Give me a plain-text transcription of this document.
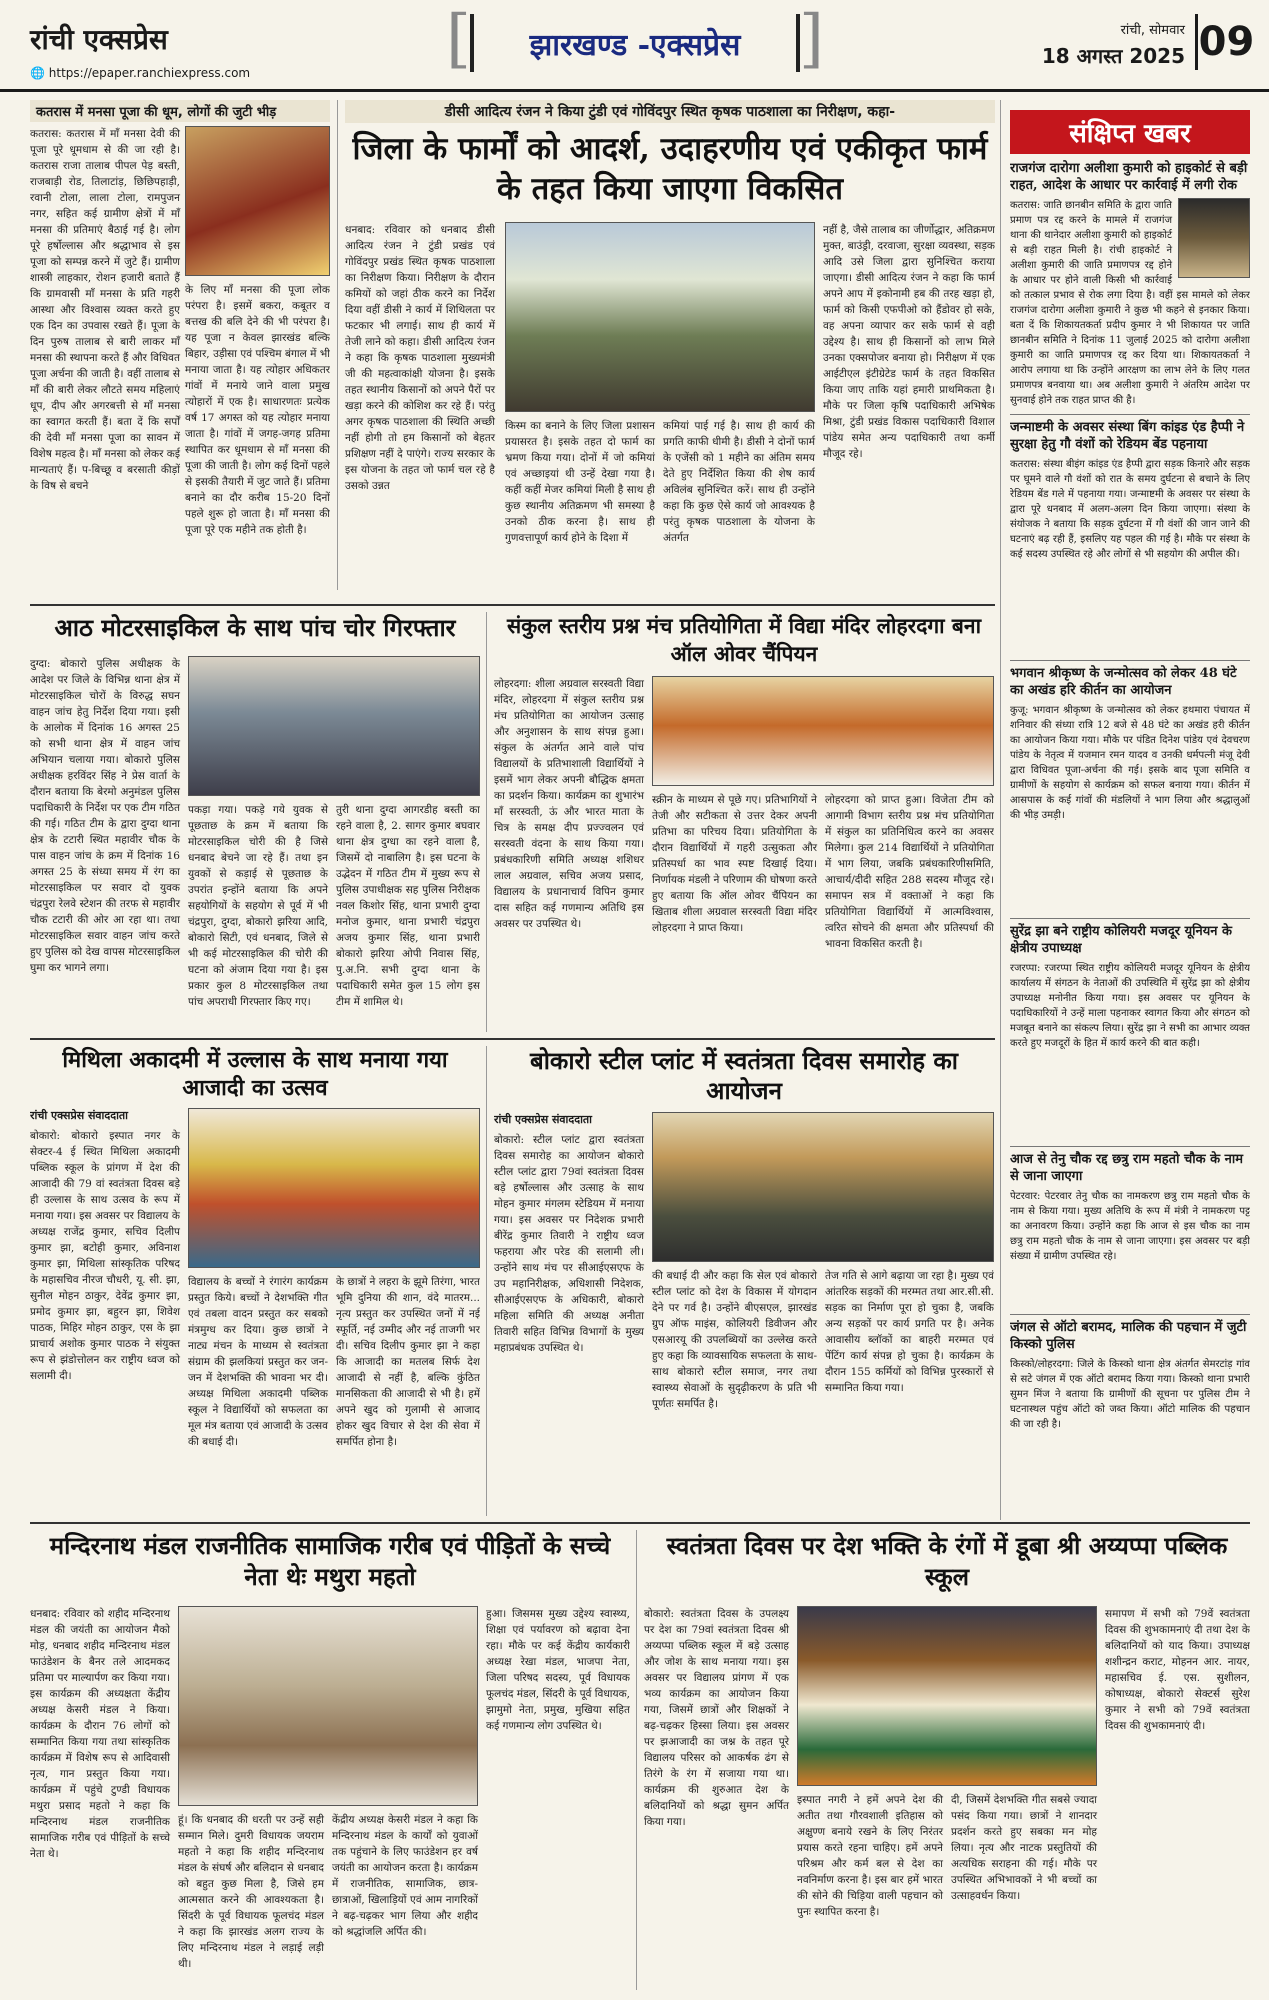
रांची एक्सप्रेस
🌐 https://epaper.ranchiexpress.com
[ झारखण्ड -एक्सप्रेस ]	रांची, सोमवार
18 अगस्त 2025 09
कतरास में मनसा पूजा की धूम, लोगों की जुटी भीड़
कतरास: कतरास में माँ मनसा देवी की पूजा पूरे धूमधाम से की जा रही है। कतरास राजा तालाब पीपल पेड़ बस्ती, राजबाड़ी रोड, तिलाटांड़, छिछिपहाड़ी, रवानी टोला, लाला टोला, रामपुजन नगर, सहित कई ग्रामीण क्षेत्रों में माँ मनसा की प्रतिमाएं बैठाई गई है। लोग पूरे हर्षोल्लास और श्रद्धाभाव से इस पूजा को सम्पन्न करने में जुटे हैं। ग्रामीण शास्त्री लाहकार, रोशन हजारी बताते हैं कि ग्रामवासी माँ मनसा के प्रति गहरी आस्था और विश्वास व्यक्त करते हुए एक दिन का उपवास रखते हैं। पूजा के दिन पुरुष तालाब से बारी लाकर माँ मनसा की स्थापना करते हैं और विधिवत पूजा अर्चना की जाती है। वहीं तालाब से माँ की बारी लेकर लौटते समय महिलाएं धूप, दीप और अगरबत्ती से माँ मनसा का स्वागत करती हैं। बता दें कि सर्पों की देवी माँ मनसा पूजा का सावन में विशेष महत्व है। माँ मनसा को लेकर कई मान्यताएं हैं। प-बिच्छू व बरसाती कीड़ों के विष से बचने
के लिए माँ मनसा की पूजा लोक परंपरा है। इसमें बकरा, कबूतर व बत्तख की बलि देने की भी परंपरा है। यह पूजा न केवल झारखंड बल्कि बिहार, उड़ीसा एवं पश्चिम बंगाल में भी मनाया जाता है। यह त्योहार अधिकतर गांवों में मनाये जाने वाला प्रमुख त्योहारों में एक है। साधारणतः प्रत्येक वर्ष 17 अगस्त को यह त्योहार मनाया जाता है। गांवों में जगह-जगह प्रतिमा स्थापित कर धूमधाम से माँ मनसा की पूजा की जाती है। लोग कई दिनों पहले से इसकी तैयारी में जुट जाते हैं। प्रतिमा बनाने का दौर करीब 15-20 दिनों पहले शुरू हो जाता है। माँ मनसा की पूजा पूरे एक महीने तक होती है।
डीसी आदित्य रंजन ने किया टुंडी एवं गोविंदपुर स्थित कृषक पाठशाला का निरीक्षण, कहा-
जिला के फार्मों को आदर्श, उदाहरणीय एवं एकीकृत फार्म के तहत किया जाएगा विकसित
धनबाद: रविवार को धनबाद डीसी आदित्य रंजन ने टुंडी प्रखंड एवं गोविंदपुर प्रखंड स्थित कृषक पाठशाला का निरीक्षण किया। निरीक्षण के दौरान कमियों को जहां ठीक करने का निर्देश दिया वहीं डीसी ने कार्य में शिथिलता पर फटकार भी लगाई। साथ ही कार्य में तेजी लाने को कहा। डीसी आदित्य रंजन ने कहा कि कृषक पाठशाला मुख्यमंत्री जी की महत्वाकांक्षी योजना है। इसके तहत स्थानीय किसानों को अपने पैरों पर खड़ा करने की कोशिश कर रहे हैं। परंतु अगर कृषक पाठशाला की स्थिति अच्छी नहीं होगी तो हम किसानों को बेहतर प्रशिक्षण नहीं दे पाएंगे। राज्य सरकार के इस योजना के तहत जो फार्म चल रहे है उसको उन्नत
किस्म का बनाने के लिए जिला प्रशासन प्रयासरत है। इसके तहत दो फार्म का भ्रमण किया गया। दोनों में जो कमियां एवं अच्छाइयां थी उन्हें देखा गया है। कहीं कहीं मेजर कमियां मिली है साथ ही कुछ स्थानीय अतिक्रमण भी समस्या है उनको ठीक करना है। साथ ही गुणवत्तापूर्ण कार्य होने के दिशा में
कमियां पाई गई है। साथ ही कार्य की प्रगति काफी धीमी है। डीसी ने दोनों फार्म के एजेंसी को 1 महीने का अंतिम समय देते हुए निर्देशित किया की शेष कार्य अविलंब सुनिश्चित करें। साथ ही उन्होंने कहा कि कुछ ऐसे कार्य जो आवश्यक है परंतु कृषक पाठशाला के योजना के अंतर्गत
नहीं है, जैसे तालाब का जीर्णोद्धार, अतिक्रमण मुक्त, बाउंड्री, दरवाजा, सुरक्षा व्यवस्था, सड़क आदि उसे जिला द्वारा सुनिश्चित कराया जाएगा। डीसी आदित्य रंजन ने कहा कि फार्म अपने आप में इकोनामी हब की तरह खड़ा हो, फार्म को किसी एफपीओ को हैंडोवर हो सके, वह अपना व्यापार कर सके फार्म से वही उद्देश्य है। साथ ही किसानों को लाभ मिले उनका एक्सपोजर बनाया हो। निरीक्षण में एक आईटीएल इंटीग्रेटेड फार्म के तहत विकसित किया जाए ताकि यहां हमारी प्राथमिकता है। मौके पर जिला कृषि पदाधिकारी अभिषेक मिश्रा, टुंडी प्रखंड विकास पदाधिकारी विशाल पांडेय समेत अन्य पदाधिकारी तथा कर्मी मौजूद रहे।
संक्षिप्त खबर
राजगंज दारोगा अलीशा कुमारी को हाइकोर्ट से बड़ी राहत, आदेश के आधार पर कार्रवाई में लगी रोक
कतरास: जाति छानबीन समिति के द्वारा जाति प्रमाण पत्र रद्द करने के मामले में राजगंज थाना की थानेदार अलीशा कुमारी को हाइकोर्ट से बड़ी राहत मिली है। रांची हाइकोर्ट ने अलीशा कुमारी की जाति प्रमाणपत्र रद्द होने के आधार पर होने वाली किसी भी कार्रवाई को तत्काल प्रभाव से रोक लगा दिया है। वहीं इस मामले को लेकर राजगंज दारोगा अलीशा कुमारी ने कुछ भी कहने से इनकार किया। बता दें कि शिकायतकर्ता प्रदीप कुमार ने भी शिकायत पर जाति छानबीन समिति ने दिनांक 11 जुलाई 2025 को दारोगा अलीशा कुमारी का जाति प्रमाणपत्र रद्द कर दिया था। शिकायतकर्ता ने आरोप लगाया था कि उन्होंने आरक्षण का लाभ लेने के लिए गलत प्रमाणपत्र बनवाया था। अब अलीशा कुमारी ने अंतरिम आदेश पर सुनवाई होने तक राहत प्राप्त की है।
जन्माष्टमी के अवसर संस्था बिंग कांइड एंड हैप्पी ने सुरक्षा हेतु गौ वंशों को रेडियम बेंड पहनाया
कतरास: संस्था बीइंग कांइड एंड हैप्पी द्वारा सड़क किनारे और सड़क पर घूमने वाले गौ वंशों को रात के समय दुर्घटना से बचाने के लिए रेडियम बेंड गले में पहनाया गया। जन्माष्टमी के अवसर पर संस्था के द्वारा पूरे धनबाद में अलग-अलग दिन किया जाएगा। संस्था के संयोजक ने बताया कि सड़क दुर्घटना में गौ वंशों की जान जाने की घटनाएं बढ़ रही हैं, इसलिए यह पहल की गई है। मौके पर संस्था के कई सदस्य उपस्थित रहे और लोगों से भी सहयोग की अपील की।
भगवान श्रीकृष्ण के जन्मोत्सव को लेकर 48 घंटे का अखंड हरि कीर्तन का आयोजन
कुजू: भगवान श्रीकृष्ण के जन्मोत्सव को लेकर हथमारा पंचायत में शनिवार की संध्या रात्रि 12 बजे से 48 घंटे का अखंड हरी कीर्तन का आयोजन किया गया। मौके पर पंडित दिनेश पांडेय एवं देवचरण पांडेय के नेतृत्व में यजमान रमन यादव व उनकी धर्मपत्नी मंजू देवी द्वारा विधिवत पूजा-अर्चना की गई। इसके बाद पूजा समिति व ग्रामीणों के सहयोग से कार्यक्रम को सफल बनाया गया। कीर्तन में आसपास के कई गांवों की मंडलियों ने भाग लिया और श्रद्धालुओं की भीड़ उमड़ी।
सुरेंद्र झा बने राष्ट्रीय कोलियरी मजदूर यूनियन के क्षेत्रीय उपाध्यक्ष
रजरप्पा: रजरप्पा स्थित राष्ट्रीय कोलियरी मजदूर यूनियन के क्षेत्रीय कार्यालय में संगठन के नेताओं की उपस्थिति में सुरेंद्र झा को क्षेत्रीय उपाध्यक्ष मनोनीत किया गया। इस अवसर पर यूनियन के पदाधिकारियों ने उन्हें माला पहनाकर स्वागत किया और संगठन को मजबूत बनाने का संकल्प लिया। सुरेंद्र झा ने सभी का आभार व्यक्त करते हुए मजदूरों के हित में कार्य करने की बात कही।
आज से तेनु चौक रद्द छत्रु राम महतो चौक के नाम से जाना जाएगा
पेटरवार: पेटरवार तेनु चौक का नामकरण छत्रु राम महतो चौक के नाम से किया गया। मुख्य अतिथि के रूप में मंत्री ने नामकरण पट्ट का अनावरण किया। उन्होंने कहा कि आज से इस चौक का नाम छत्रु राम महतो चौक के नाम से जाना जाएगा। इस अवसर पर बड़ी संख्या में ग्रामीण उपस्थित रहे।
जंगल से ऑटो बरामद, मालिक की पहचान में जुटी किस्को पुलिस
किस्को/लोहरदगा: जिले के किस्को थाना क्षेत्र अंतर्गत सेमरटांड़ गांव से सटे जंगल में एक ऑटो बरामद किया गया। किस्को थाना प्रभारी सुमन मिंज ने बताया कि ग्रामीणों की सूचना पर पुलिस टीम ने घटनास्थल पहुंच ऑटो को जब्त किया। ऑटो मालिक की पहचान की जा रही है।
आठ मोटरसाइकिल के साथ पांच चोर गिरफ्तार
दुग्दा: बोकारो पुलिस अधीक्षक के आदेश पर जिले के विभिन्न थाना क्षेत्र में मोटरसाइकिल चोरों के विरुद्ध सघन वाहन जांच हेतु निर्देश दिया गया। इसी के आलोक में दिनांक 16 अगस्त 25 को सभी थाना क्षेत्र में वाहन जांच अभियान चलाया गया। बोकारो पुलिस अधीक्षक हरविंदर सिंह ने प्रेस वार्ता के दौरान बताया कि बेरमो अनुमंडल पुलिस पदाधिकारी के निर्देश पर एक टीम गठित की गई। गठित टीम के द्वारा दुग्दा थाना क्षेत्र के टटारी स्थित महावीर चौक के पास वाहन जांच के क्रम में दिनांक 16 अगस्त 25 के संध्या समय में रंग का मोटरसाइकिल पर सवार दो युवक चंद्रपुरा रेलवे स्टेशन की तरफ से महावीर चौक टटारी की ओर आ रहा था। तथा मोटरसाइकिल सवार वाहन जांच करते हुए पुलिस को देख वापस मोटरसाइकिल घुमा कर भागने लगा।
पकड़ा गया। पकड़े गये युवक से पूछताछ के क्रम में बताया कि मोटरसाइकिल चोरी की है जिसे धनबाद बेचने जा रहे हैं। तथा इन युवकों से कड़ाई से पूछताछ के उपरांत इन्होंने बताया कि अपने सहयोगियों के सहयोग से पूर्व में भी चंद्रपुरा, दुग्दा, बोकारो झरिया आदि, बोकारो सिटी, एवं धनबाद, जिले से भी कई मोटरसाइकिल की चोरी की घटना को अंजाम दिया गया है। इस प्रकार कुल 8 मोटरसाइकिल तथा पांच अपराधी गिरफ्तार किए गए।
तुरी थाना दुग्दा आगरडीह बस्ती का रहने वाला है, 2. सागर कुमार बघवार थाना क्षेत्र दुग्धा का रहने वाला है, जिसमें दो नाबालिग है। इस घटना के उद्भेदन में गठित टीम में मुख्य रूप से पुलिस उपाधीक्षक सह पुलिस निरीक्षक नवल किशोर सिंह, थाना प्रभारी दुग्दा मनोज कुमार, थाना प्रभारी चंद्रपुरा अजय कुमार सिंह, थाना प्रभारी बोकारो झरिया ओपी निवास सिंह, पु.अ.नि. सभी दुग्दा थाना के पदाधिकारी समेत कुल 15 लोग इस टीम में शामिल थे।
संकुल स्तरीय प्रश्न मंच प्रतियोगिता में विद्या मंदिर लोहरदगा बना ऑल ओवर चैंपियन
लोहरदगा: शीला अग्रवाल सरस्वती विद्या मंदिर, लोहरदगा में संकुल स्तरीय प्रश्न मंच प्रतियोगिता का आयोजन उत्साह और अनुशासन के साथ संपन्न हुआ। संकुल के अंतर्गत आने वाले पांच विद्यालयों के प्रतिभाशाली विद्यार्थियों ने इसमें भाग लेकर अपनी बौद्धिक क्षमता का प्रदर्शन किया। कार्यक्रम का शुभारंभ माँ सरस्वती, ऊं और भारत माता के चित्र के समक्ष दीप प्रज्ज्वलन एवं सरस्वती वंदना के साथ किया गया। प्रबंधकारिणी समिति अध्यक्ष शशिधर लाल अग्रवाल, सचिव अजय प्रसाद, विद्यालय के प्रधानाचार्य विपिन कुमार दास सहित कई गणमान्य अतिथि इस अवसर पर उपस्थित थे।
स्क्रीन के माध्यम से पूछे गए। प्रतिभागियों ने तेजी और सटीकता से उत्तर देकर अपनी प्रतिभा का परिचय दिया। प्रतियोगिता के दौरान विद्यार्थियों में गहरी उत्सुकता और प्रतिस्पर्धा का भाव स्पष्ट दिखाई दिया। निर्णायक मंडली ने परिणाम की घोषणा करते हुए बताया कि ऑल ओवर चैंपियन का खिताब शीला अग्रवाल सरस्वती विद्या मंदिर लोहरदगा ने प्राप्त किया।
लोहरदगा को प्राप्त हुआ। विजेता टीम को आगामी विभाग स्तरीय प्रश्न मंच प्रतियोगिता में संकुल का प्रतिनिधित्व करने का अवसर मिलेगा। कुल 214 विद्यार्थियों ने प्रतियोगिता में भाग लिया, जबकि प्रबंधकारिणीसमिति, आचार्य/दीदी सहित 288 सदस्य मौजूद रहे। समापन सत्र में वक्ताओं ने कहा कि प्रतियोगिता विद्यार्थियों में आत्मविश्वास, त्वरित सोचने की क्षमता और प्रतिस्पर्धा की भावना विकसित करती है।
मिथिला अकादमी में उल्लास के साथ मनाया गया आजादी का उत्सव
रांची एक्सप्रेस संवाददाता
बोकारो: बोकारो इस्पात नगर के सेक्टर-4 ई स्थित मिथिला अकादमी पब्लिक स्कूल के प्रांगण में देश की आजादी की 79 वां स्वतंत्रता दिवस बड़े ही उल्लास के साथ उत्सव के रूप में मनाया गया। इस अवसर पर विद्यालय के अध्यक्ष राजेंद्र कुमार, सचिव दिलीप कुमार झा, बटोही कुमार, अविनाश कुमार झा, मिथिला सांस्कृतिक परिषद के महासचिव नीरज चौधरी, यू. सी. झा, सुनील मोहन ठाकुर, देवेंद्र कुमार झा, प्रमोद कुमार झा, बहुरन झा, शिवेश पाठक, मिहिर मोहन ठाकुर, एस के झा प्राचार्य अशोक कुमार पाठक ने संयुक्त रूप से झंडोत्तोलन कर राष्ट्रीय ध्वज को सलामी दी।
विद्यालय के बच्चों ने रंगारंग कार्यक्रम प्रस्तुत किये। बच्चों ने देशभक्ति गीत एवं तबला वादन प्रस्तुत कर सबको मंत्रमुग्ध कर दिया। कुछ छात्रों ने नाट्य मंचन के माध्यम से स्वतंत्रता संग्राम की झलकियां प्रस्तुत कर जन-जन में देशभक्ति की भावना भर दी। अध्यक्ष मिथिला अकादमी पब्लिक स्कूल ने विद्यार्थियों को सफलता का मूल मंत्र बताया एवं आजादी के उत्सव की बधाई दी।
के छात्रों ने लहरा के झूमे तिरंगा, भारत भूमि दुनिया की शान, वंदे मातरम... नृत्य प्रस्तुत कर उपस्थित जनों में नई स्फूर्ति, नई उम्मीद और नई ताजगी भर दी। सचिव दिलीप कुमार झा ने कहा कि आजादी का मतलब सिर्फ देश आजादी से नहीं है, बल्कि कुंठित मानसिकता की आजादी से भी है। हमें अपने खुद को गुलामी से आजाद होकर खुद विचार से देश की सेवा में समर्पित होना है।
बोकारो स्टील प्लांट में स्वतंत्रता दिवस समारोह का आयोजन
रांची एक्सप्रेस संवाददाता
बोकारो: स्टील प्लांट द्वारा स्वतंत्रता दिवस समारोह का आयोजन बोकारो स्टील प्लांट द्वारा 79वां स्वतंत्रता दिवस बड़े हर्षोल्लास और उत्साह के साथ मोहन कुमार मंगलम स्टेडियम में मनाया गया। इस अवसर पर निदेशक प्रभारी बीरेंद्र कुमार तिवारी ने राष्ट्रीय ध्वज फहराया और परेड की सलामी ली। उन्होंने साथ मंच पर सीआईएसएफ के उप महानिरीक्षक, अधिशासी निदेशक, सीआईएसएफ के अधिकारी, बोकारो महिला समिति की अध्यक्ष अनीता तिवारी सहित विभिन्न विभागों के मुख्य महाप्रबंधक उपस्थित थे।
की बधाई दी और कहा कि सेल एवं बोकारो स्टील प्लांट को देश के विकास में योगदान देने पर गर्व है। उन्होंने बीएसएल, झारखंड ग्रुप ऑफ माइंस, कोलियरी डिवीजन और एसआरयू की उपलब्धियों का उल्लेख करते हुए कहा कि व्यावसायिक सफलता के साथ-साथ बोकारो स्टील समाज, नगर तथा स्वास्थ्य सेवाओं के सुदृढ़ीकरण के प्रति भी पूर्णतः समर्पित है।
तेज गति से आगे बढ़ाया जा रहा है। मुख्य एवं आंतरिक सड़कों की मरम्मत तथा आर.सी.सी. सड़क का निर्माण पूरा हो चुका है, जबकि अन्य सड़कों पर कार्य प्रगति पर है। अनेक आवासीय ब्लॉकों का बाहरी मरम्मत एवं पेंटिंग कार्य संपन्न हो चुका है। कार्यक्रम के दौरान 155 कर्मियों को विभिन्न पुरस्कारों से सम्मानित किया गया।
मन्दिरनाथ मंडल राजनीतिक सामाजिक गरीब एवं पीड़ितों के सच्चे नेता थेः मथुरा महतो
धनबाद: रविवार को शहीद मन्दिरनाथ मंडल की जयंती का आयोजन मैको मोड़, धनबाद शहीद मन्दिरनाथ मंडल फाउंडेशन के बैनर तले आदमकद प्रतिमा पर माल्यार्पण कर किया गया। इस कार्यक्रम की अध्यक्षता केंद्रीय अध्यक्ष केसरी मंडल ने किया। कार्यक्रम के दौरान 76 लोगों को सम्मानित किया गया तथा सांस्कृतिक कार्यक्रम में विशेष रूप से आदिवासी नृत्य, गान प्रस्तुत किया गया। कार्यक्रम में पहुंचे टुण्डी विधायक मथुरा प्रसाद महतो ने कहा कि मन्दिरनाथ मंडल राजनीतिक सामाजिक गरीब एवं पीड़ितों के सच्चे नेता थे।
हूं। कि धनबाद की धरती पर उन्हें सही सम्मान मिले। दुमरी विधायक जयराम महतो ने कहा कि शहीद मन्दिरनाथ मंडल के संघर्ष और बलिदान से धनबाद को बहुत कुछ मिला है, जिसे हम आत्मसात करने की आवश्यकता है। सिंदरी के पूर्व विधायक फूलचंद मंडल ने कहा कि झारखंड अलग राज्य के लिए मन्दिरनाथ मंडल ने लड़ाई लड़ी थी।
केंद्रीय अध्यक्ष केसरी मंडल ने कहा कि मन्दिरनाथ मंडल के कार्यों को युवाओं तक पहुंचाने के लिए फाउंडेशन हर वर्ष जयंती का आयोजन करता है। कार्यक्रम में राजनीतिक, सामाजिक, छात्र-छात्राओं, खिलाड़ियों एवं आम नागरिकों ने बढ़-चढ़कर भाग लिया और शहीद को श्रद्धांजलि अर्पित की।
हुआ। जिसमस मुख्य उद्देश्य स्वास्थ्य, शिक्षा एवं पर्यावरण को बढ़ावा देना रहा। मौके पर कई केंद्रीय कार्यकारी अध्यक्ष रेखा मंडल, भाजपा नेता, जिला परिषद सदस्य, पूर्व विधायक फूलचंद मंडल, सिंदरी के पूर्व विधायक, झामुमो नेता, प्रमुख, मुखिया सहित कई गणमान्य लोग उपस्थित थे।
स्वतंत्रता दिवस पर देश भक्ति के रंगों में डूबा श्री अय्यप्पा पब्लिक स्कूल
बोकारो: स्वतंत्रता दिवस के उपलक्ष्य पर देश का 79वां स्वतंत्रता दिवस श्री अय्यप्पा पब्लिक स्कूल में बड़े उत्साह और जोश के साथ मनाया गया। इस अवसर पर विद्यालय प्रांगण में एक भव्य कार्यक्रम का आयोजन किया गया, जिसमें छात्रों और शिक्षकों ने बढ़-चढ़कर हिस्सा लिया। इस अवसर पर झआजादी का जश्न के तहत पूरे विद्यालय परिसर को आकर्षक ढंग से तिरंगे के रंग में सजाया गया था। कार्यक्रम की शुरुआत देश के बलिदानियों को श्रद्धा सुमन अर्पित किया गया।
इस्पात नगरी ने हमें अपने देश की अतीत तथा गौरवशाली इतिहास को अक्षुण्ण बनाये रखने के लिए निरंतर प्रयास करते रहना चाहिए। हमें अपने परिश्रम और कर्म बल से देश का नवनिर्माण करना है। इस बार हमें भारत की सोने की चिड़िया वाली पहचान को पुनः स्थापित करना है।
दी, जिसमें देशभक्ति गीत सबसे ज्यादा पसंद किया गया। छात्रों ने शानदार प्रदर्शन करते हुए सबका मन मोह लिया। नृत्य और नाटक प्रस्तुतियों की अत्यधिक सराहना की गई। मौके पर उपस्थित अभिभावकों ने भी बच्चों का उत्साहवर्धन किया।
समापण में सभी को 79वें स्वतंत्रता दिवस की शुभकामनाएं दी तथा देश के बलिदानियों को याद किया। उपाध्यक्ष शशीन्द्रन कराट, मोहनन आर. नायर, महासचिव ई. एस. सुशीलन, कोषाध्यक्ष, बोकारो सेक्टर्स सुरेश कुमार ने सभी को 79वें स्वतंत्रता दिवस की शुभकामनाएं दी।
